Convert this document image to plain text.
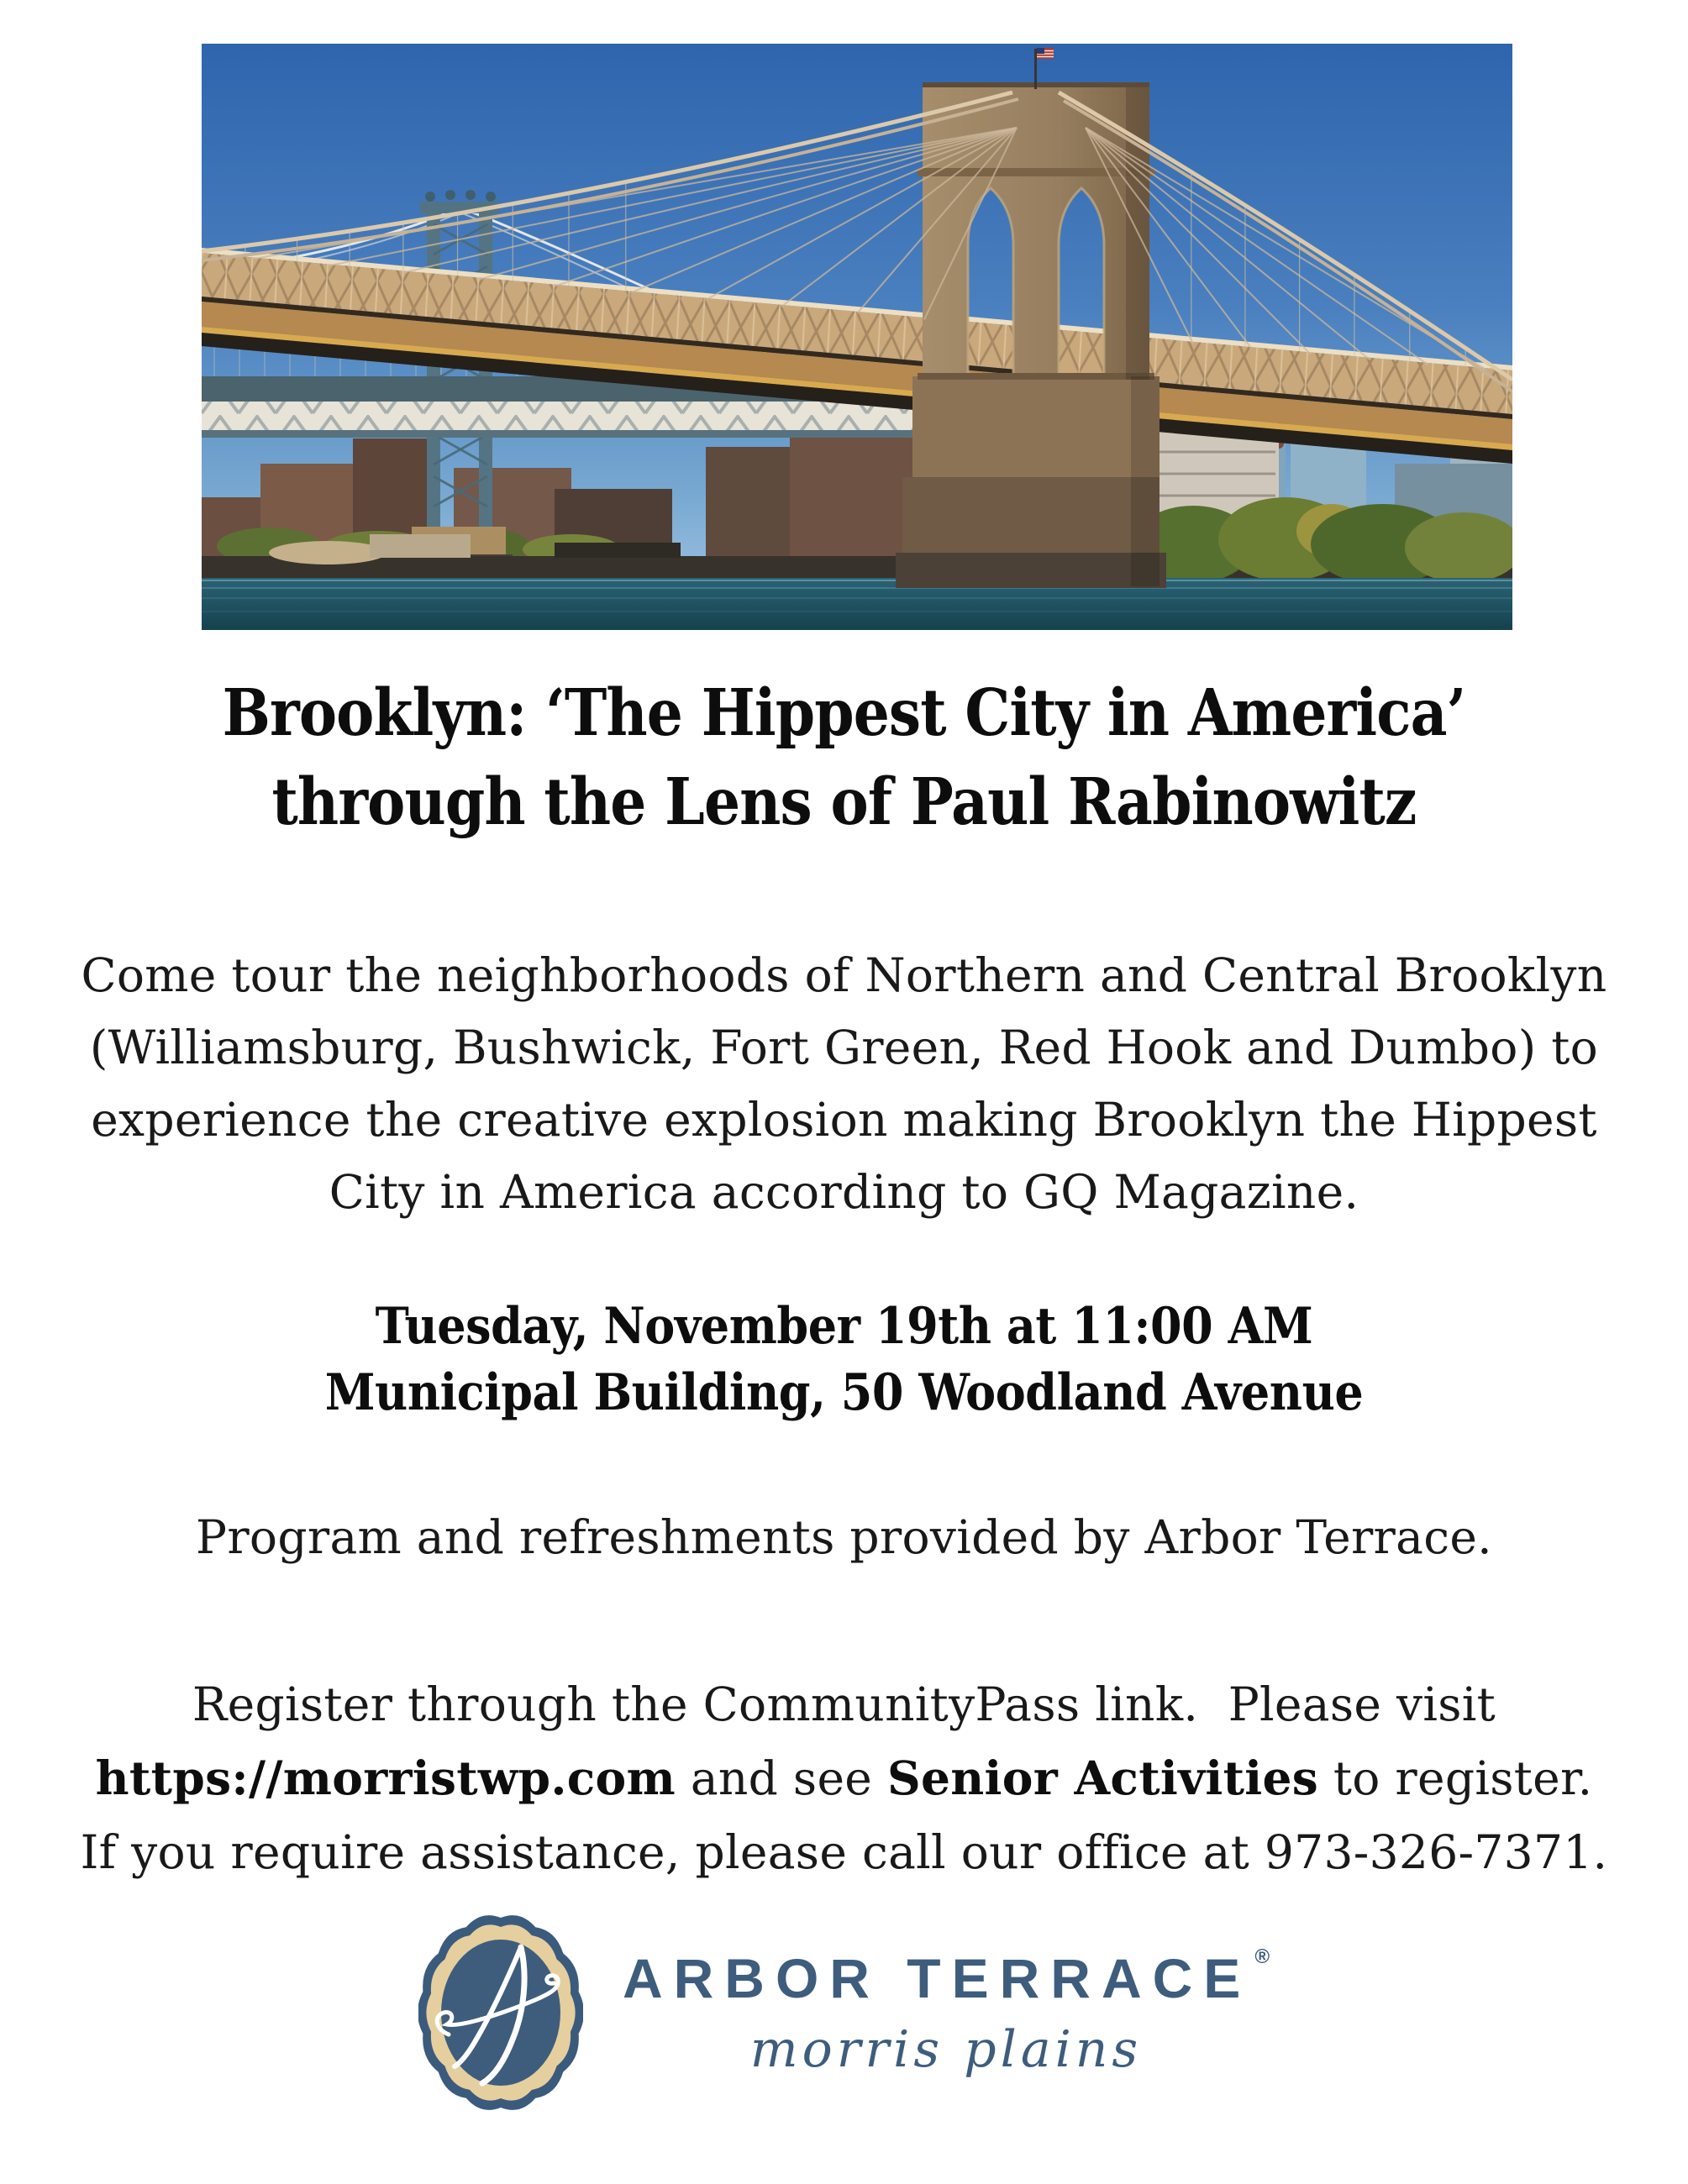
Brooklyn: ‘The Hippest City in America’
through the Lens of Paul Rabinowitz
Come tour the neighborhoods of Northern and Central Brooklyn
(Williamsburg, Bushwick, Fort Green, Red Hook and Dumbo) to
experience the creative explosion making Brooklyn the Hippest
City in America according to GQ Magazine.
Tuesday, November 19th at 11:00 AM
Municipal Building, 50 Woodland Avenue
Program and refreshments provided by Arbor Terrace.
Register through the CommunityPass link.  Please visit
https://morristwp.com and see Senior Activities to register.
If you require assistance, please call our office at 973-326-7371.
ARBOR TERRACE ®
morris plains
